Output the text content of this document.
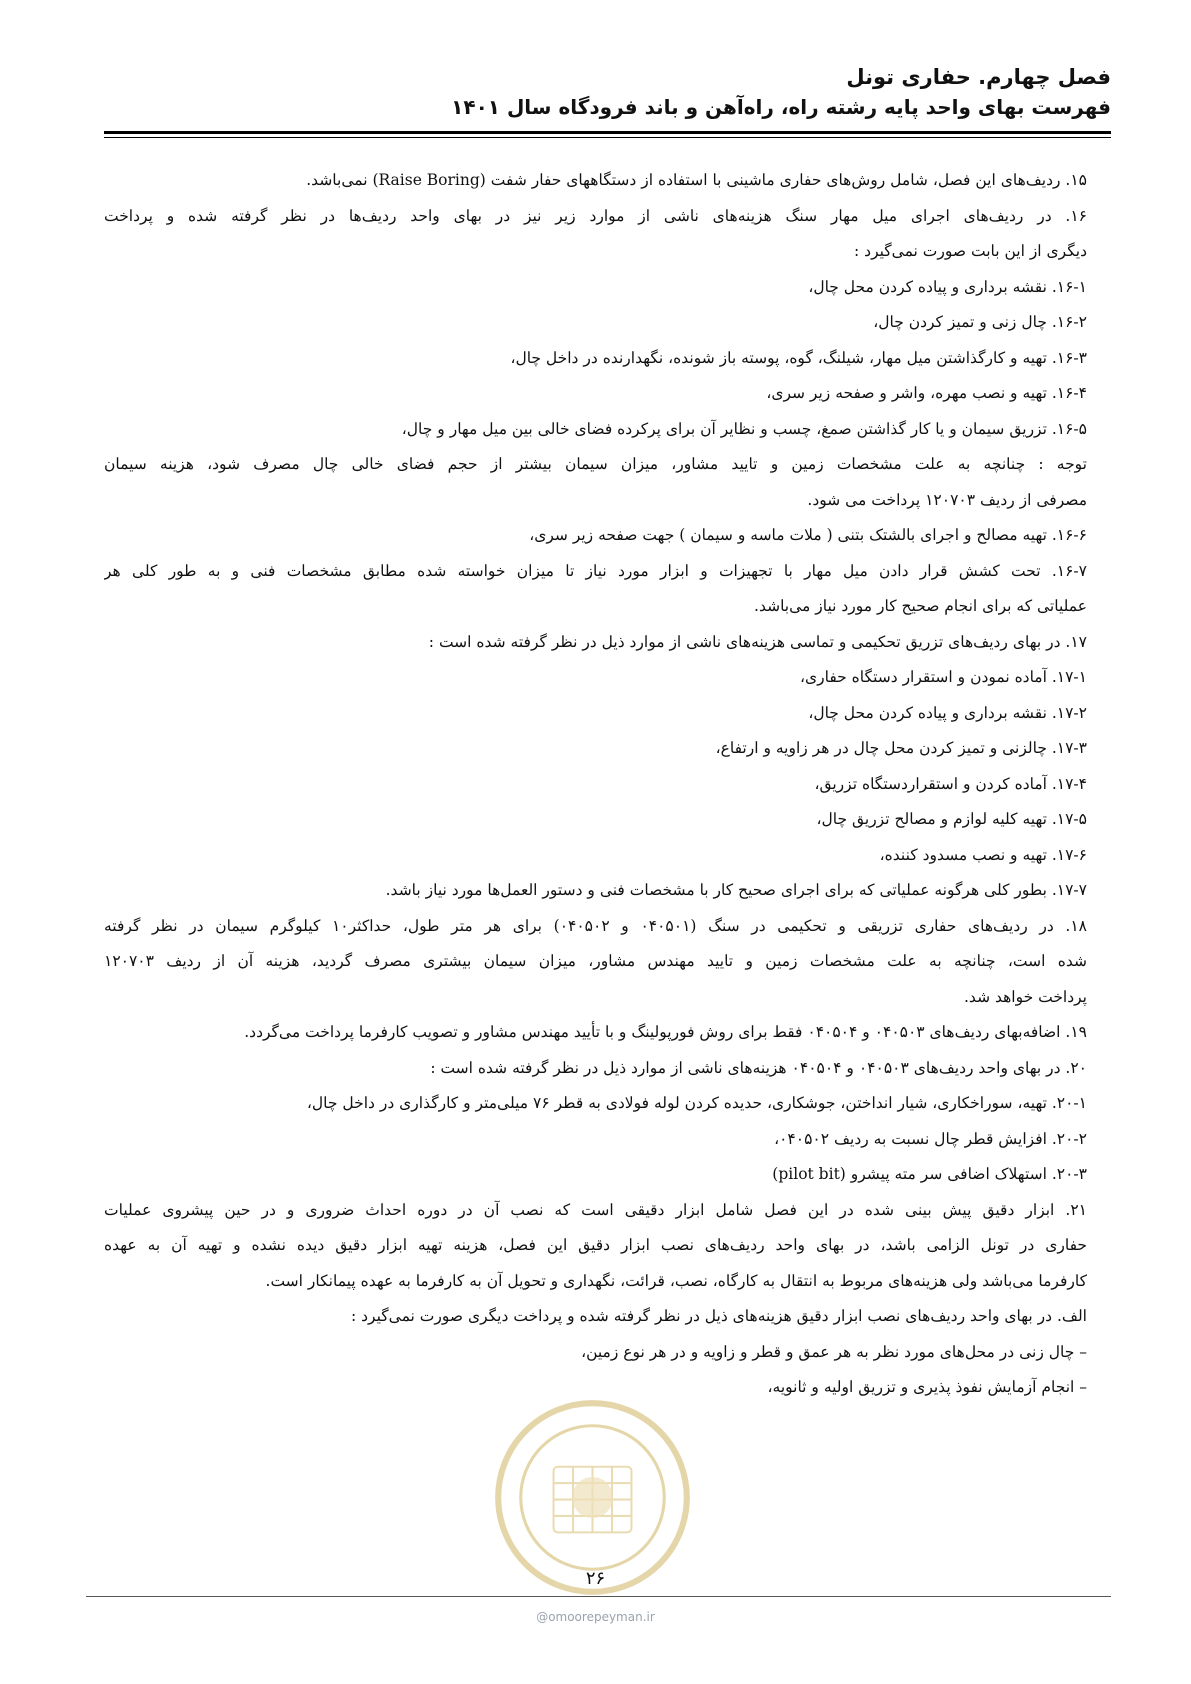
فصل چهارم. حفاری تونل
فهرست بهای واحد پایه رشته راه، راه‌آهن و باند فرودگاه سال ۱۴۰۱
۱۵. ردیف‌های این فصل، شامل روش‌های حفاری ماشینی با استفاده از دستگاههای حفار شفت (Raise Boring) نمی‌باشد.
۱۶. در ردیف‌های اجرای میل مهار سنگ هزینه‌های ناشی از موارد زیر نیز در بهای واحد ردیف‌ها در نظر گرفته شده و پرداخت
دیگری از این بابت صورت نمی‌گیرد :
۱۶-۱. نقشه برداری و پیاده کردن محل چال،
۱۶-۲. چال زنی و تمیز کردن چال،
۱۶-۳. تهیه و کارگذاشتن میل مهار، شیلنگ، گوه، پوسته باز شونده، نگهدارنده در داخل چال،
۱۶-۴. تهیه و نصب مهره، واشر و صفحه زیر سری،
۱۶-۵. تزریق سیمان و یا کار گذاشتن صمغ، چسب و نظایر آن برای پرکرده فضای خالی بین میل مهار و چال،
توجه : چنانچه به علت مشخصات زمین و تایید مشاور، میزان سیمان بیشتر از حجم فضای خالی چال مصرف شود، هزینه سیمان
مصرفی از ردیف ۱۲۰۷۰۳ پرداخت می شود.
۱۶-۶. تهیه مصالح و اجرای بالشتک بتنی ( ملات ماسه و سیمان ) جهت صفحه زیر سری،
۱۶-۷. تحت کشش قرار دادن میل مهار با تجهیزات و ابزار مورد نیاز تا میزان خواسته شده مطابق مشخصات فنی و به طور کلی هر
عملیاتی که برای انجام صحیح کار مورد نیاز می‌باشد.
۱۷. در بهای ردیف‌های تزریق تحکیمی و تماسی هزینه‌های ناشی از موارد ذیل در نظر گرفته شده است :
۱۷-۱. آماده نمودن و استقرار دستگاه حفاری،
۱۷-۲. نقشه برداری و پیاده کردن محل چال،
۱۷-۳. چالزنی و تمیز کردن محل چال در هر زاویه و ارتفاع،
۱۷-۴. آماده کردن و استقراردستگاه تزریق،
۱۷-۵. تهیه کلیه لوازم و مصالح تزریق چال،
۱۷-۶. تهیه و نصب مسدود کننده،
۱۷-۷. بطور کلی هرگونه عملیاتی که برای اجرای صحیح کار با مشخصات فنی و دستور العمل‌ها مورد نیاز باشد.
۱۸. در ردیف‌های حفاری تزریقی و تحکیمی در سنگ (۰۴۰۵۰۱ و ۰۴۰۵۰۲) برای هر متر طول، حداکثر۱۰ کیلوگرم سیمان در نظر گرفته
شده است، چنانچه به علت مشخصات زمین و تایید مهندس مشاور، میزان سیمان بیشتری مصرف گردید، هزینه آن از ردیف ۱۲۰۷۰۳
پرداخت خواهد شد.
۱۹. اضافه‌بهای ردیف‌های ۰۴۰۵۰۳ و ۰۴۰۵۰۴ فقط برای روش فورپولینگ و با تأیید مهندس مشاور و تصویب کارفرما پرداخت می‌گردد.
۲۰. در بهای واحد ردیف‌های ۰۴۰۵۰۳ و ۰۴۰۵۰۴ هزینه‌های ناشی از موارد ذیل در نظر گرفته شده است :
۲۰-۱. تهیه، سوراخکاری، شیار انداختن، جوشکاری، حدیده کردن لوله فولادی به قطر ۷۶ میلی‌متر و کارگذاری در داخل چال،
۲۰-۲. افزایش قطر چال نسبت به ردیف ۰۴۰۵۰۲،
۲۰-۳. استهلاک اضافی سر مته پیشرو (pilot bit)
۲۱. ابزار دقیق پیش بینی شده در این فصل شامل ابزار دقیقی است که نصب آن در دوره احداث ضروری و در حین پیشروی عملیات
حفاری در تونل الزامی باشد، در بهای واحد ردیف‌های نصب ابزار دقیق این فصل، هزینه تهیه ابزار دقیق دیده نشده و تهیه آن به عهده
کارفرما می‌باشد ولی هزینه‌های مربوط به انتقال به کارگاه، نصب، قرائت، نگهداری و تحویل آن به کارفرما به عهده پیمانکار است.
الف. در بهای واحد ردیف‌های نصب ابزار دقیق هزینه‌های ذیل در نظر گرفته شده و پرداخت دیگری صورت نمی‌گیرد :
– چال زنی در محل‌های مورد نظر به هر عمق و قطر و زاویه و در هر نوع زمین،
– انجام آزمایش نفوذ پذیری و تزریق اولیه و ثانویه،
۲۶
@omoorepeyman.ir
